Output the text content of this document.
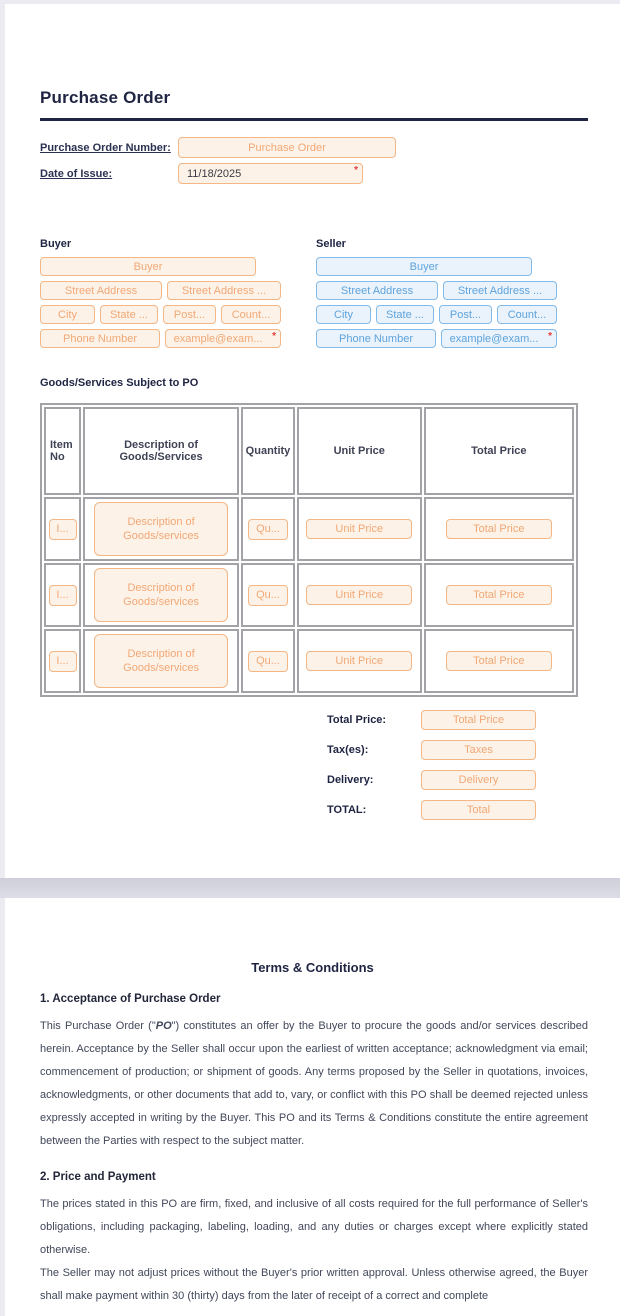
Purchase Order
Purchase Order Number:	Purchase Order
Date of Issue:	11/18/2025	*
Buyer
Buyer
Street Address	Street Address ...
City	State ...	Post...	Count...
Phone Number	example@exam... *
Seller
Buyer
Street Address	Street Address ...
City	State ...	Post...	Count...
Phone Number	example@exam... *
Goods/Services Subject to PO
Item No	Description of Goods/Services	Quantity	Unit Price	Total Price

I...	Description of Goods/services	Qu...	Unit Price	Total Price

I...	Description of Goods/services	Qu...	Unit Price	Total Price

I...	Description of Goods/services	Qu...	Unit Price	Total Price
Total Price:	Total Price
Tax(es):	Taxes
Delivery:	Delivery
TOTAL:	Total
Terms & Conditions
1. Acceptance of Purchase Order

This Purchase Order ("PO") constitutes an offer by the Buyer to procure the goods and/or services described herein. Acceptance by the Seller shall occur upon the earliest of written acceptance; acknowledgment via email; commencement of production; or shipment of goods. Any terms proposed by the Seller in quotations, invoices, acknowledgments, or other documents that add to, vary, or conflict with this PO shall be deemed rejected unless expressly accepted in writing by the Buyer. This PO and its Terms & Conditions constitute the entire agreement between the Parties with respect to the subject matter.

2. Price and Payment

The prices stated in this PO are firm, fixed, and inclusive of all costs required for the full performance of Seller's obligations, including packaging, labeling, loading, and any duties or charges except where explicitly stated otherwise.

The Seller may not adjust prices without the Buyer's prior written approval. Unless otherwise agreed, the Buyer shall make payment within 30 (thirty) days from the later of receipt of a correct and complete
